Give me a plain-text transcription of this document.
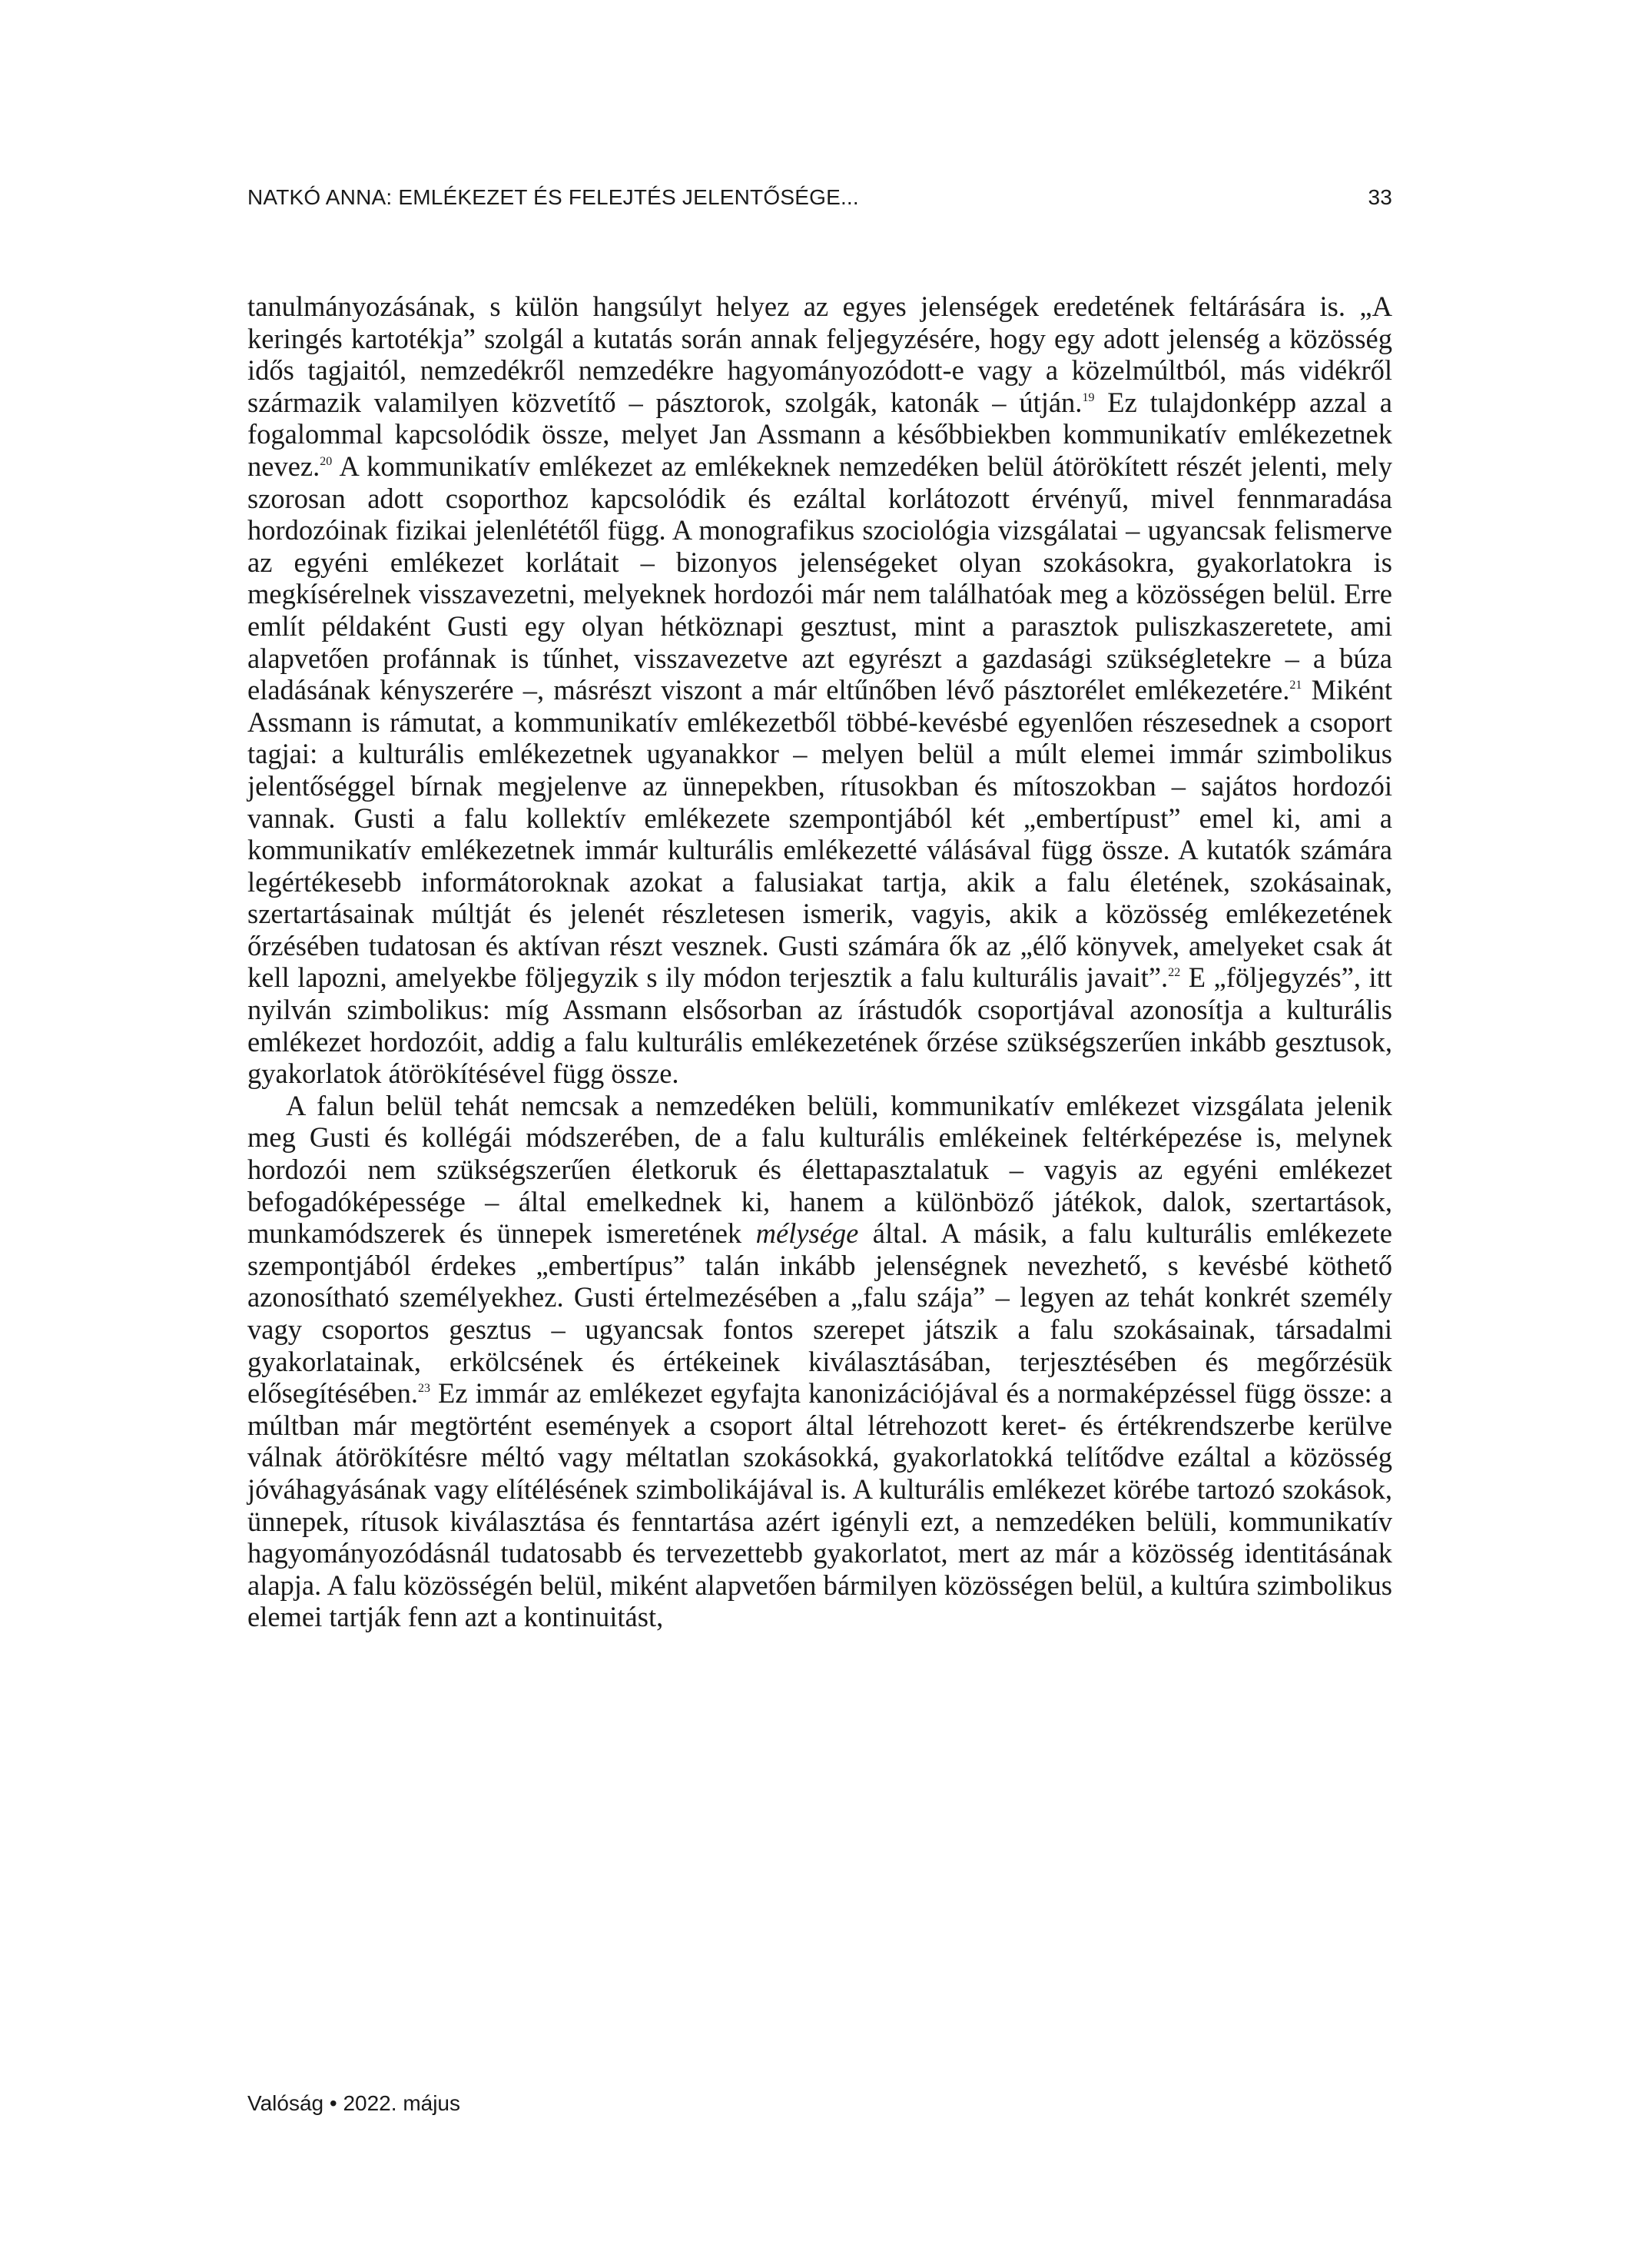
NATKÓ ANNA: EMLÉKEZET ÉS FELEJTÉS JELENTŐSÉGE...	33

tanulmányozásának, s külön hangsúlyt helyez az egyes jelenségek eredetének feltárására is. „A keringés kartotékja” szolgál a kutatás során annak feljegyzésére, hogy egy adott jelenség a közösség idős tagjaitól, nemzedékről nemzedékre hagyományozódott-e vagy a közelmúltból, más vidékről származik valamilyen közvetítő – pásztorok, szolgák, katonák – útján.$^{19}$ Ez tulajdonképp azzal a fogalommal kapcsolódik össze, melyet Jan Assmann a későbbiekben kommunikatív emlékezetnek nevez.$^{20}$ A kommunikatív emlékezet az emlékeknek nemzedéken belül átörökített részét jelenti, mely szorosan adott csoporthoz kapcsolódik és ezáltal korlátozott érvényű, mivel fennmaradása hordozóinak fizikai jelenlététől függ. A monografikus szociológia vizsgálatai – ugyancsak felismerve az egyéni emlékezet korlátait – bizonyos jelenségeket olyan szokásokra, gyakorlatokra is megkísérelnek visszavezetni, melyeknek hordozói már nem találhatóak meg a közösségen belül. Erre említ példaként Gusti egy olyan hétköznapi gesztust, mint a parasztok puliszkaszeretete, ami alapvetően profánnak is tűnhet, visszavezetve azt egyrészt a gazdasági szükségletekre – a búza eladásának kényszerére –, másrészt viszont a már eltűnőben lévő pásztorélet emlékezetére.$^{21}$ Miként Assmann is rámutat, a kommunikatív emlékezetből többé-kevésbé egyenlően részesednek a csoport tagjai: a kulturális emlékezetnek ugyanakkor – melyen belül a múlt elemei immár szimbolikus jelentőséggel bírnak megjelenve az ünnepekben, rítusokban és mítoszokban – sajátos hordozói vannak. Gusti a falu kollektív emlékezete szempontjából két „embertípust” emel ki, ami a kommunikatív emlékezetnek immár kulturális emlékezetté válásával függ össze. A kutatók számára legértékesebb informátoroknak azokat a falusiakat tartja, akik a falu életének, szokásainak, szertartásainak múltját és jelenét részletesen ismerik, vagyis, akik a közösség emlékezetének őrzésében tudatosan és aktívan részt vesznek. Gusti számára ők az „élő könyvek, amelyeket csak át kell lapozni, amelyekbe följegyzik s ily módon terjesztik a falu kulturális javait”.$^{22}$ E „följegyzés”, itt nyilván szimbolikus: míg Assmann elsősorban az írástudók csoportjával azonosítja a kulturális emlékezet hordozóit, addig a falu kulturális emlékezetének őrzése szükségszerűen inkább gesztusok, gyakorlatok átörökítésével függ össze.

A falun belül tehát nemcsak a nemzedéken belüli, kommunikatív emlékezet vizsgálata jelenik meg Gusti és kollégái módszerében, de a falu kulturális emlékeinek feltérképezése is, melynek hordozói nem szükségszerűen életkoruk és élettapasztalatuk – vagyis az egyéni emlékezet befogadóképessége – által emelkednek ki, hanem a különböző játékok, dalok, szertartások, munkamódszerek és ünnepek ismeretének mélysége által. A másik, a falu kulturális emlékezete szempontjából érdekes „embertípus” talán inkább jelenségnek nevezhető, s kevésbé köthető azonosítható személyekhez. Gusti értelmezésében a „falu szája” – legyen az tehát konkrét személy vagy csoportos gesztus – ugyancsak fontos szerepet játszik a falu szokásainak, társadalmi gyakorlatainak, erkölcsének és értékeinek kiválasztásában, terjesztésében és megőrzésük elősegítésében.$^{23}$ Ez immár az emlékezet egyfajta kanonizációjával és a normaképzéssel függ össze: a múltban már megtörtént események a csoport által létrehozott keret- és értékrendszerbe kerülve válnak átörökítésre méltó vagy méltatlan szokásokká, gyakorlatokká telítődve ezáltal a közösség jóváhagyásának vagy elítélésének szimbolikájával is. A kulturális emlékezet körébe tartozó szokások, ünnepek, rítusok kiválasztása és fenntartása azért igényli ezt, a nemzedéken belüli, kommunikatív hagyományozódásnál tudatosabb és tervezettebb gyakorlatot, mert az már a közösség identitásának alapja. A falu közösségén belül, miként alapvetően bármilyen közösségen belül, a kultúra szimbolikus elemei tartják fenn azt a kontinuitást,

Valóság • 2022. május
